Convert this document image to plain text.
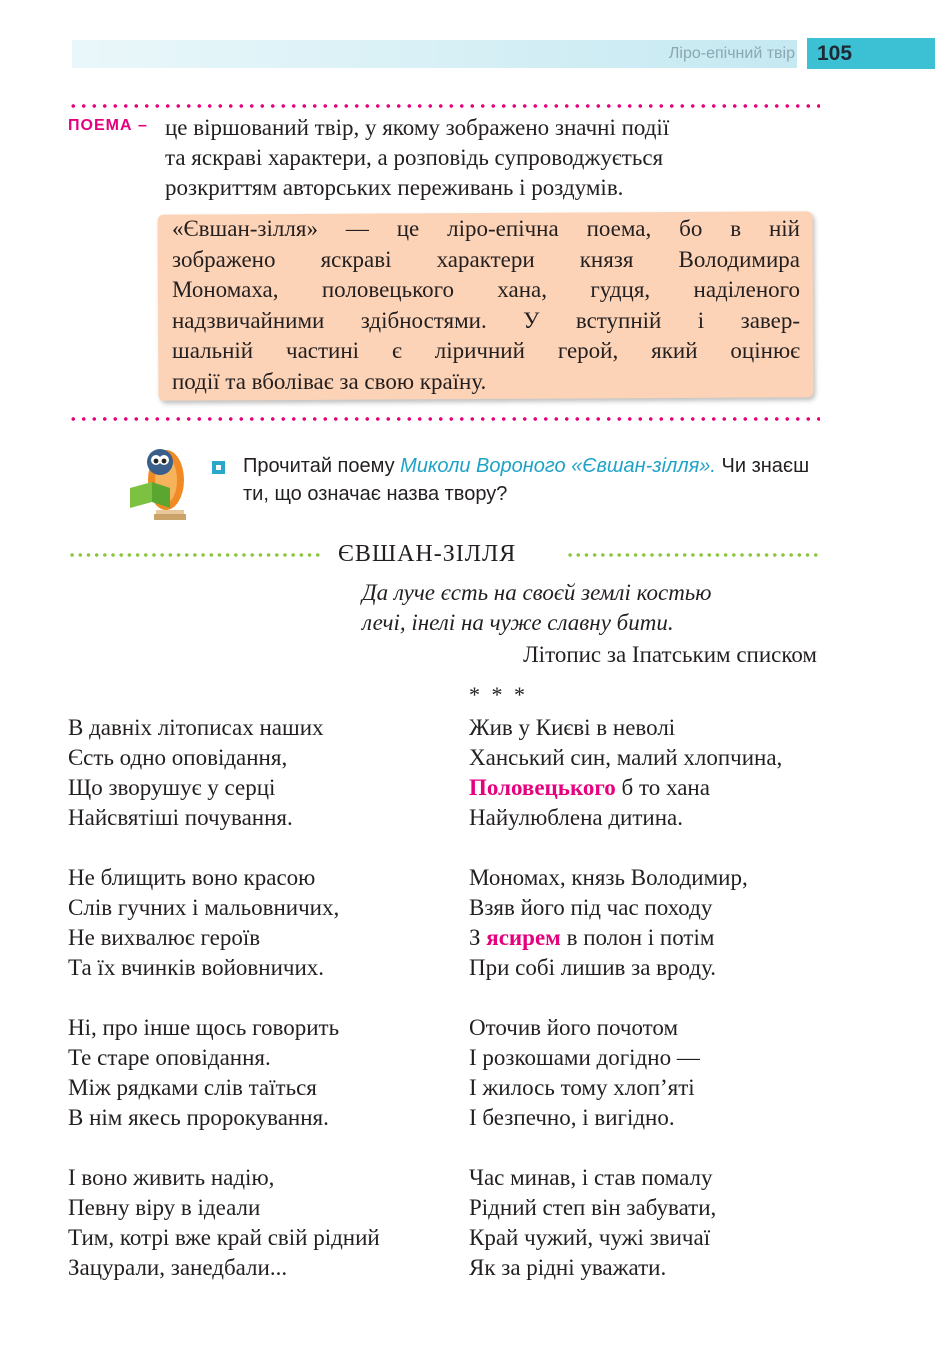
Ліро-епічний твір	105
ПОЕМА – це віршований твір, у якому зображено значні події
та яскраві характери, а розповідь супроводжується
розкриттям авторських переживань і роздумів.
«Євшан-зілля» — це ліро-епічна поема, бо в ній
зображено яскраві характери князя Володимира
Мономаха, половецького хана, гудця, наділеного
надзвичайними здібностями. У вступній і завер-
шальній частині є ліричний герой, який оцінює
події та вболіває за свою країну.
Прочитай поему Миколи Вороного «Євшан-зілля». Чи знаєш ти, що означає назва твору?
ЄВШАН-ЗІЛЛЯ
Да луче єсть на своєй землі костью
лечі, інелі на чуже славну бити.
Літопис за Іпатським списком
* * *
В давніх літописах наших
Єсть одно оповідання,
Що зворушує у серці
Найсвятіші почування.
Не блищить воно красою
Слів гучних і мальовничих,
Не вихвалює героїв
Та їх вчинків войовничих.
Ні, про інше щось говорить
Те старе оповідання.
Між рядками слів таїться
В нім якесь пророкування.
І воно живить надію,
Певну віру в ідеали
Тим, котрі вже край свій рідний
Зацурали, занедбали...
Жив у Києві в неволі
Ханський син, малий хлопчина,
Половецького б то хана
Найулюблена дитина.
Мономах, князь Володимир,
Взяв його під час походу
З ясирем в полон і потім
При собі лишив за вроду.
Оточив його почотом
І розкошами догідно —
І жилось тому хлоп’яті
І безпечно, і вигідно.
Час минав, і став помалу
Рідний степ він забувати,
Край чужий, чужі звичаї
Як за рідні уважати.
